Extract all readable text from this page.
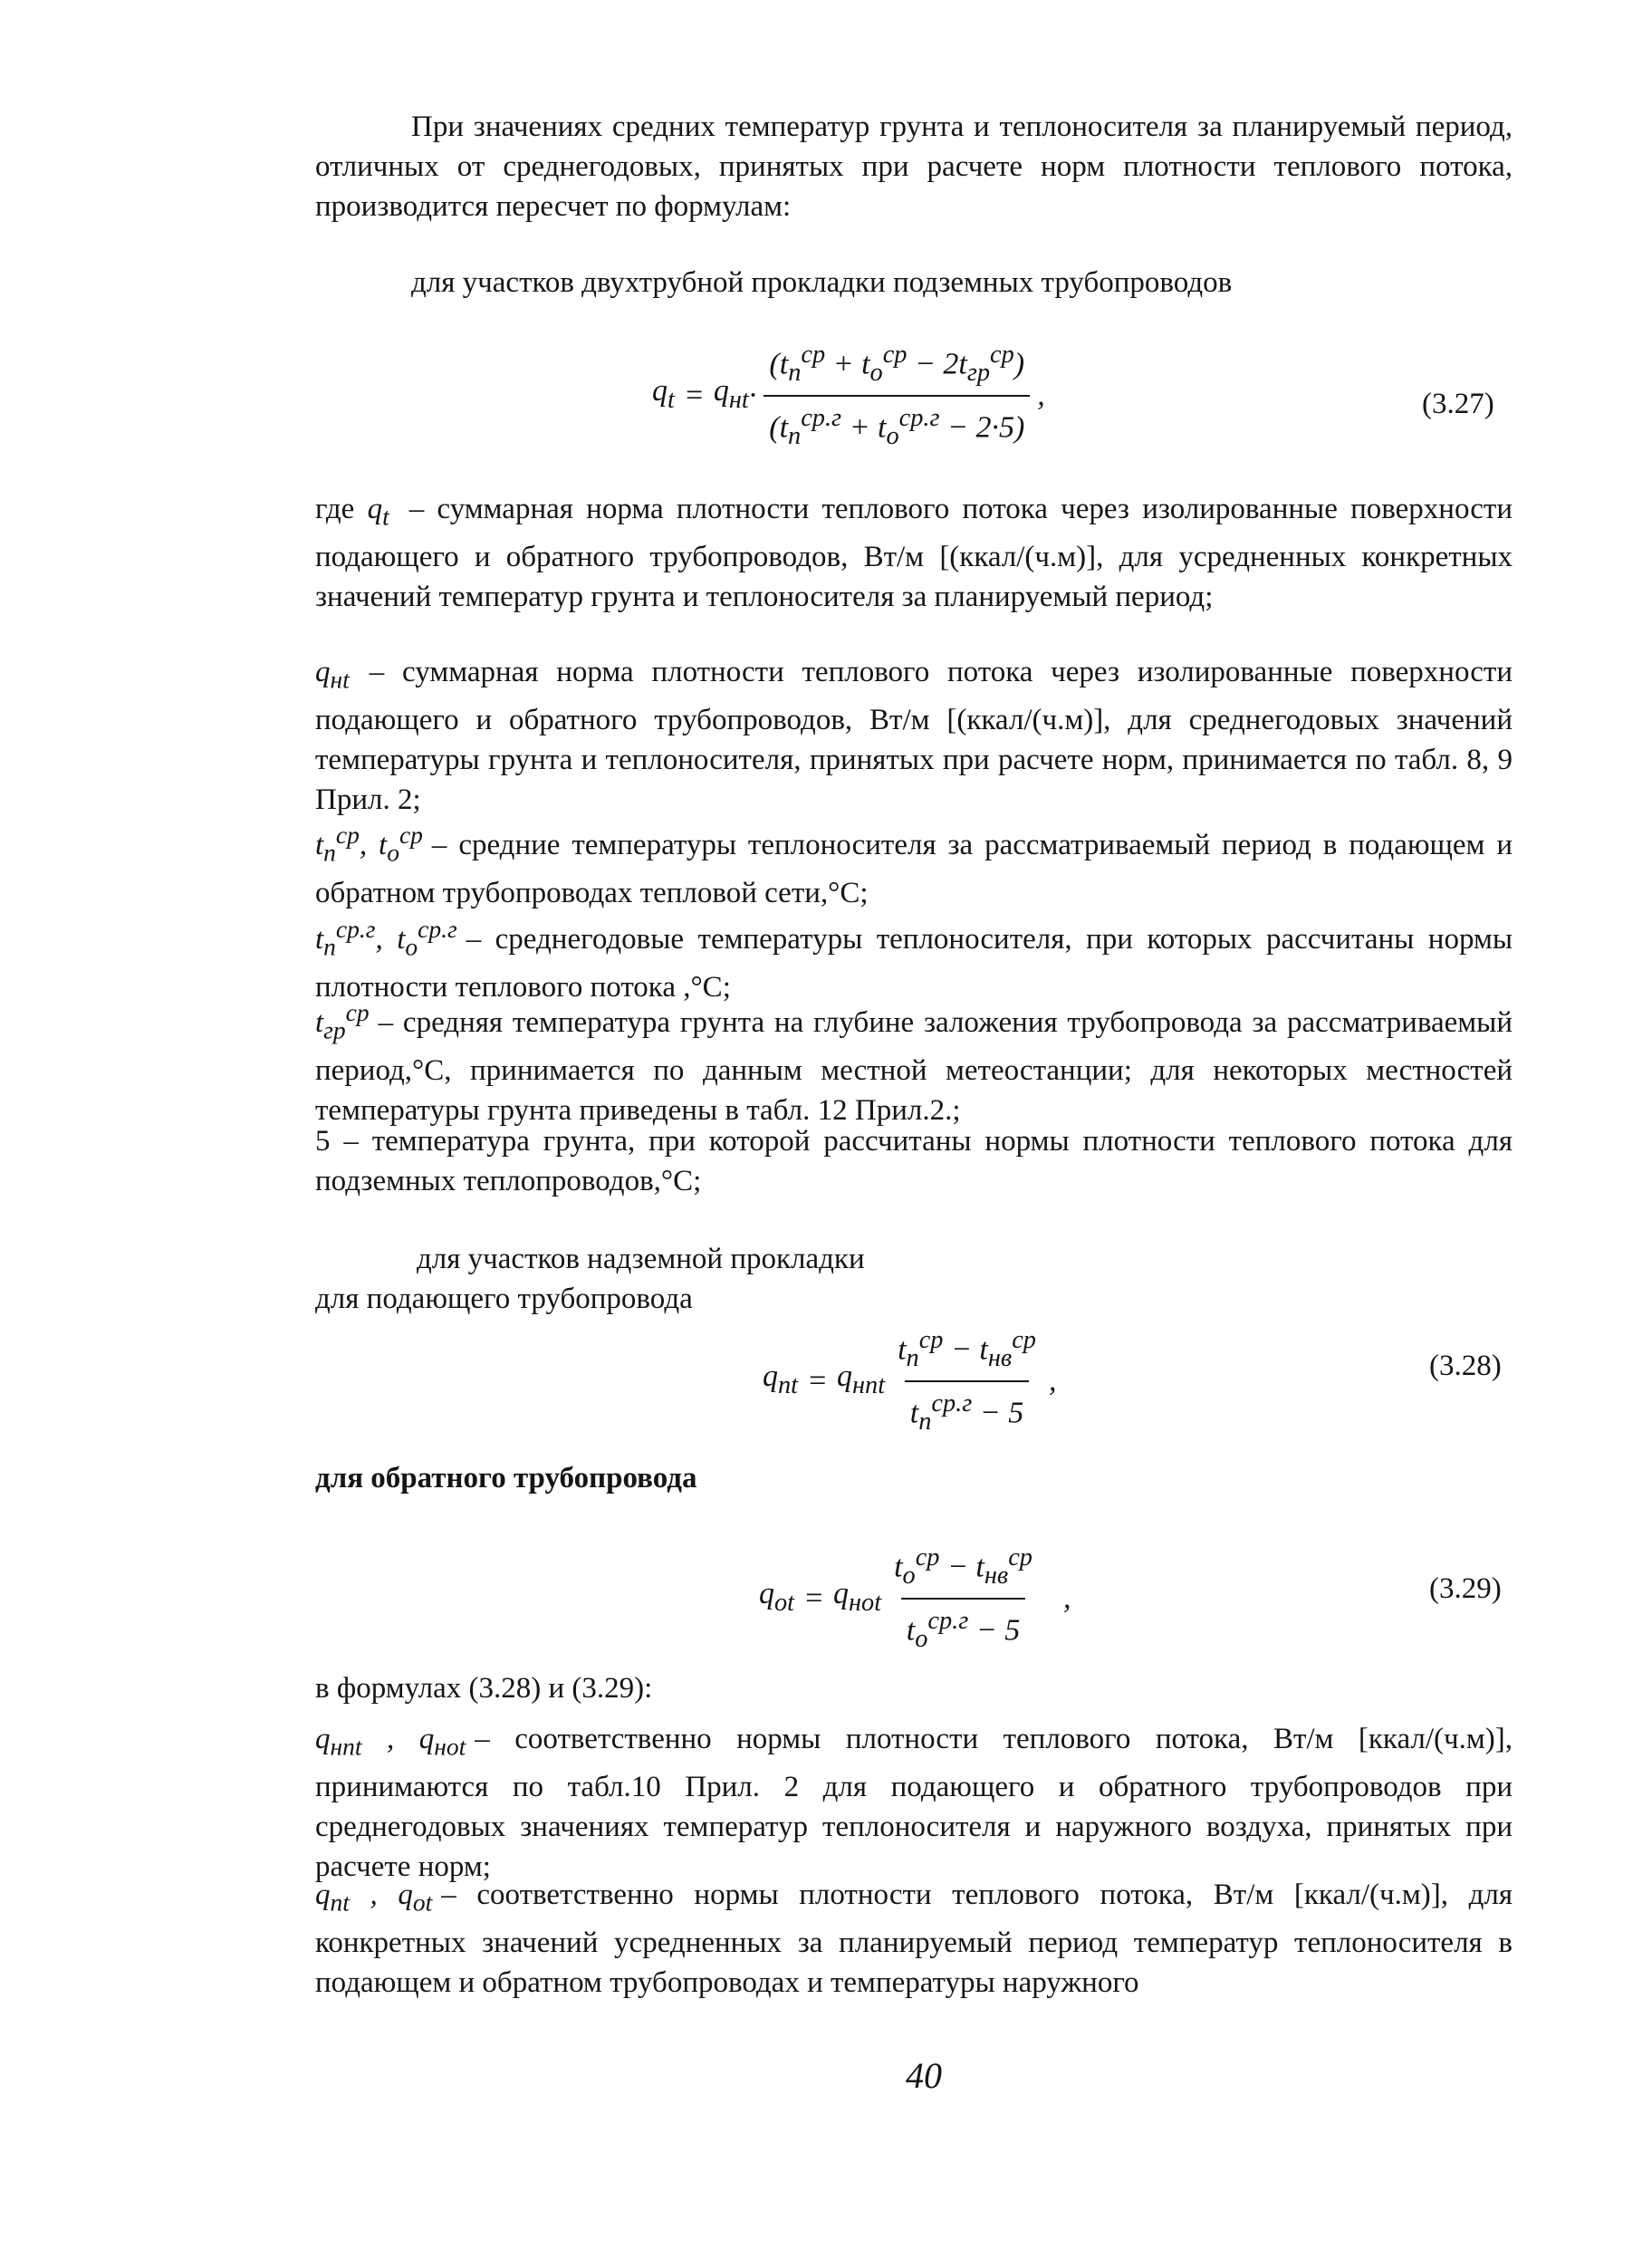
При значениях средних температур грунта и теплоносителя за планируемый период, отличных от среднегодовых, принятых при расчете норм плотности теплового потока, производится пересчет по формулам:
для участков двухтрубной прокладки подземных трубопроводов
$q_t = q_{нt} \cdot \frac{(t_п^{ср} + t_о^{ср} - 2t_{гр}^{ср})}{(t_п^{ср.г} + t_о^{ср.г} - 2\cdot 5)}$ ,	(3.27)
где $q_t$ – суммарная норма плотности теплового потока через изолированные поверхности подающего и обратного трубопроводов, Вт/м [(ккал/(ч.м)], для усредненных конкретных значений температур грунта и теплоносителя за планируемый период;
$q_{нt}$ – суммарная норма плотности теплового потока через изолированные поверхности подающего и обратного трубопроводов, Вт/м [(ккал/(ч.м)], для среднегодовых значений температуры грунта и теплоносителя, принятых при расчете норм, принимается по табл. 8, 9 Прил. 2;
$t_п^{ср}$, $t_о^{ср}$ – средние температуры теплоносителя за рассматриваемый период в подающем и обратном трубопроводах тепловой сети,°С;
$t_п^{ср.г}$, $t_о^{ср.г}$ – среднегодовые температуры теплоносителя, при которых рассчитаны нормы плотности теплового потока ,°С;
$t_{гр}^{ср}$ – средняя температура грунта на глубине заложения трубопровода за рассматриваемый период,°С, принимается по данным местной метеостанции; для некоторых местностей температуры грунта приведены в табл. 12 Прил.2.;
5 – температура грунта, при которой рассчитаны нормы плотности теплового потока для подземных теплопроводов,°С;
для участков надземной прокладки
для подающего трубопровода
$q_{пt} = q_{нпt} \frac{t_п^{ср} - t_{нв}^{ср}}{t_п^{ср.г} - 5}$ ,	(3.28)
для обратного трубопровода
$q_{оt} = q_{нot} \frac{t_о^{ср} - t_{нв}^{ср}}{t_о^{ср.г} - 5}$ ,	(3.29)
в формулах (3.28) и (3.29):
$q_{нпt}$ , $q_{нot}$ – соответственно нормы плотности теплового потока, Вт/м [ккал/(ч.м)], принимаются по табл.10 Прил. 2 для подающего и обратного трубопроводов при среднегодовых значениях температур теплоносителя и наружного воздуха, принятых при расчете норм;
$q_{пt}$ , $q_{оt}$ – соответственно нормы плотности теплового потока, Вт/м [ккал/(ч.м)], для конкретных значений усредненных за планируемый период температур теплоносителя в подающем и обратном трубопроводах и температуры наружного
40
